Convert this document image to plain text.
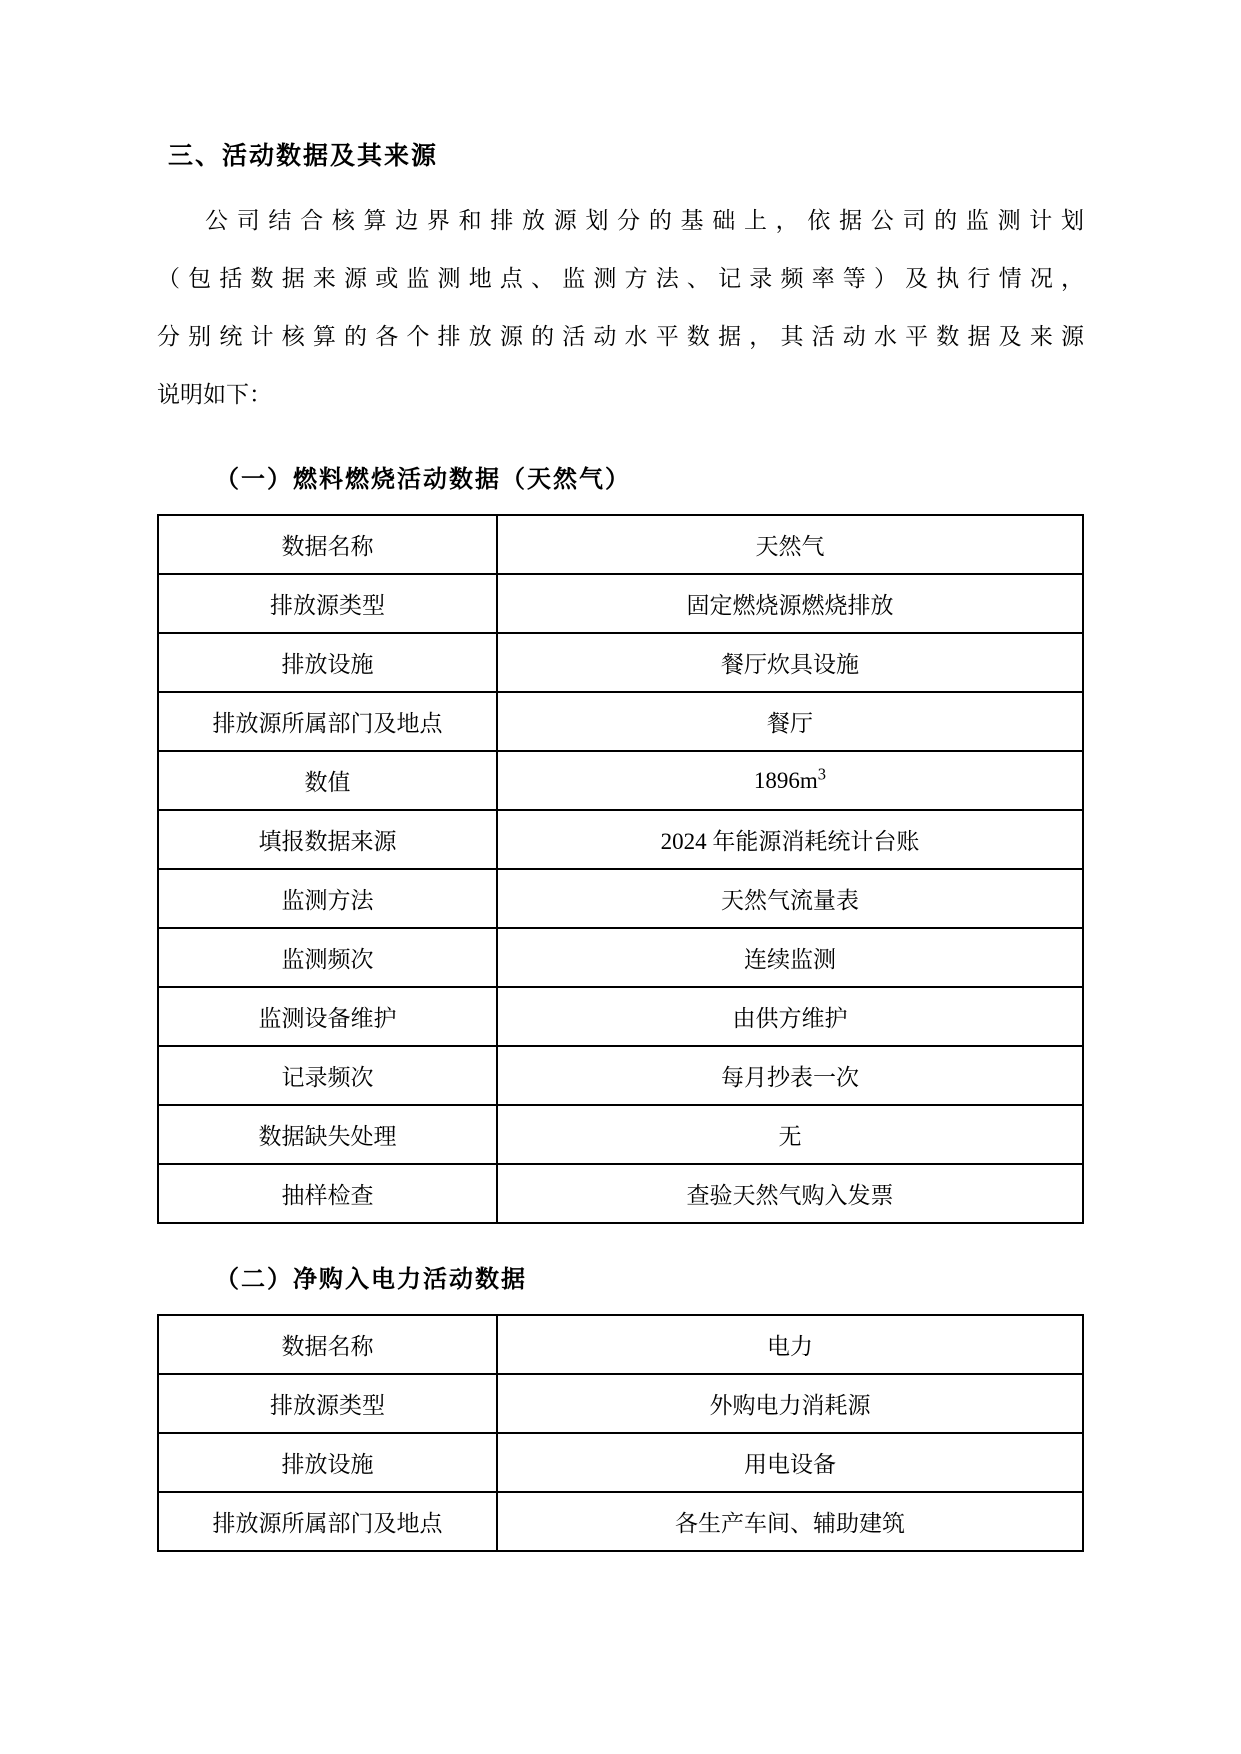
三、活动数据及其来源
公司结合核算边界和排放源划分的基础上，依据公司的监测计划
（包括数据来源或监测地点、监测方法、记录频率等）及执行情况，
分别统计核算的各个排放源的活动水平数据，其活动水平数据及来源
说明如下：
（一）燃料燃烧活动数据（天然气）
数据名称	天然气
排放源类型	固定燃烧源燃烧排放
排放设施	餐厅炊具设施
排放源所属部门及地点	餐厅
数值	$1896m^3$
填报数据来源	2024 年能源消耗统计台账
监测方法	天然气流量表
监测频次	连续监测
监测设备维护	由供方维护
记录频次	每月抄表一次
数据缺失处理	无
抽样检查	查验天然气购入发票
（二）净购入电力活动数据
数据名称	电力
排放源类型	外购电力消耗源
排放设施	用电设备
排放源所属部门及地点	各生产车间、辅助建筑
